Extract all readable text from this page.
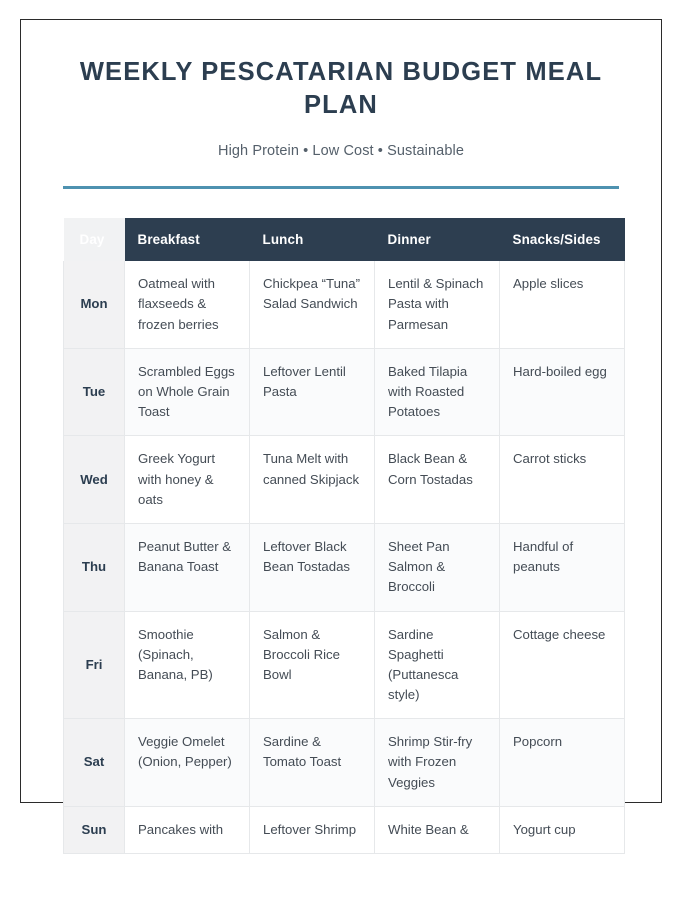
WEEKLY PESCATARIAN BUDGET MEAL PLAN

High Protein • Low Cost • Sustainable

Day	Breakfast	Lunch	Dinner	Snacks/Sides
Mon	Oatmeal with flaxseeds & frozen berries	Chickpea “Tuna” Salad Sandwich	Lentil & Spinach Pasta with Parmesan	Apple slices
Tue	Scrambled Eggs on Whole Grain Toast	Leftover Lentil Pasta	Baked Tilapia with Roasted Potatoes	Hard-boiled egg
Wed	Greek Yogurt with honey & oats	Tuna Melt with canned Skipjack	Black Bean & Corn Tostadas	Carrot sticks
Thu	Peanut Butter & Banana Toast	Leftover Black Bean Tostadas	Sheet Pan Salmon & Broccoli	Handful of peanuts
Fri	Smoothie (Spinach, Banana, PB)	Salmon & Broccoli Rice Bowl	Sardine Spaghetti (Puttanesca style)	Cottage cheese
Sat	Veggie Omelet (Onion, Pepper)	Sardine & Tomato Toast	Shrimp Stir-fry with Frozen Veggies	Popcorn
Sun	Pancakes with	Leftover Shrimp	White Bean &	Yogurt cup
